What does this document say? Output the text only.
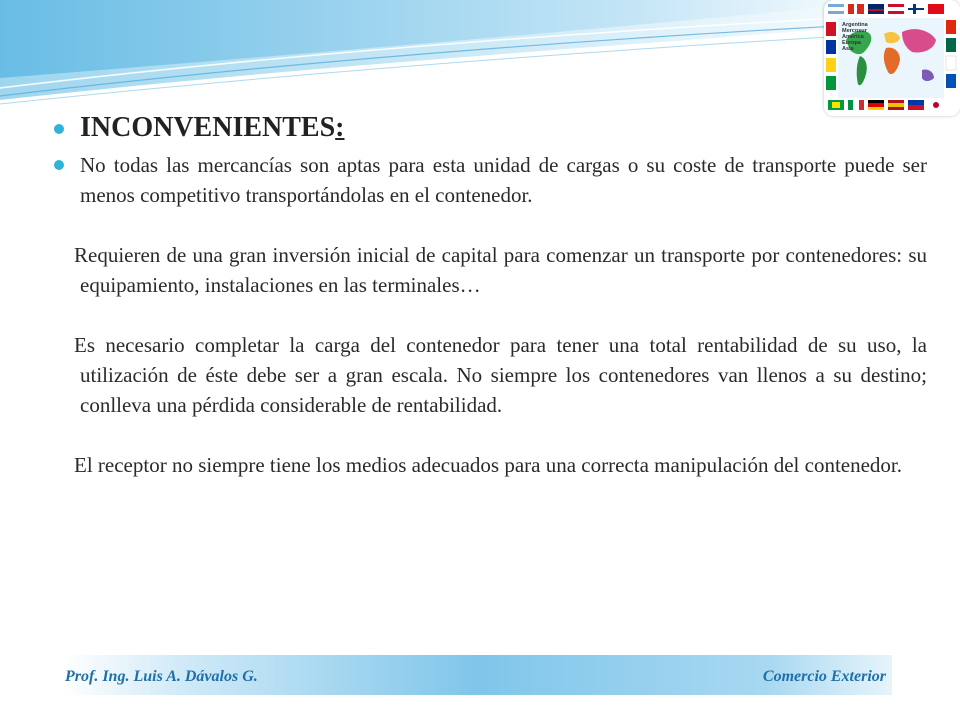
Argentina
Mercosur
América
Europa
Asia
INCONVENIENTES:
No todas las mercancías son aptas para esta unidad de cargas o su coste de transporte puede ser menos competitivo transportándolas en el contenedor.
Requieren de una gran inversión inicial de capital para comenzar un transporte por contenedores: su equipamiento, instalaciones en las terminales…
Es necesario completar la carga del contenedor para tener una total rentabilidad de su uso, la utilización de éste debe ser a gran escala. No siempre los contenedores van llenos a su destino; conlleva una pérdida considerable de rentabilidad.
El receptor no siempre tiene los medios adecuados para una correcta manipulación del contenedor.
Prof. Ing. Luis A. Dávalos G.	Comercio Exterior
